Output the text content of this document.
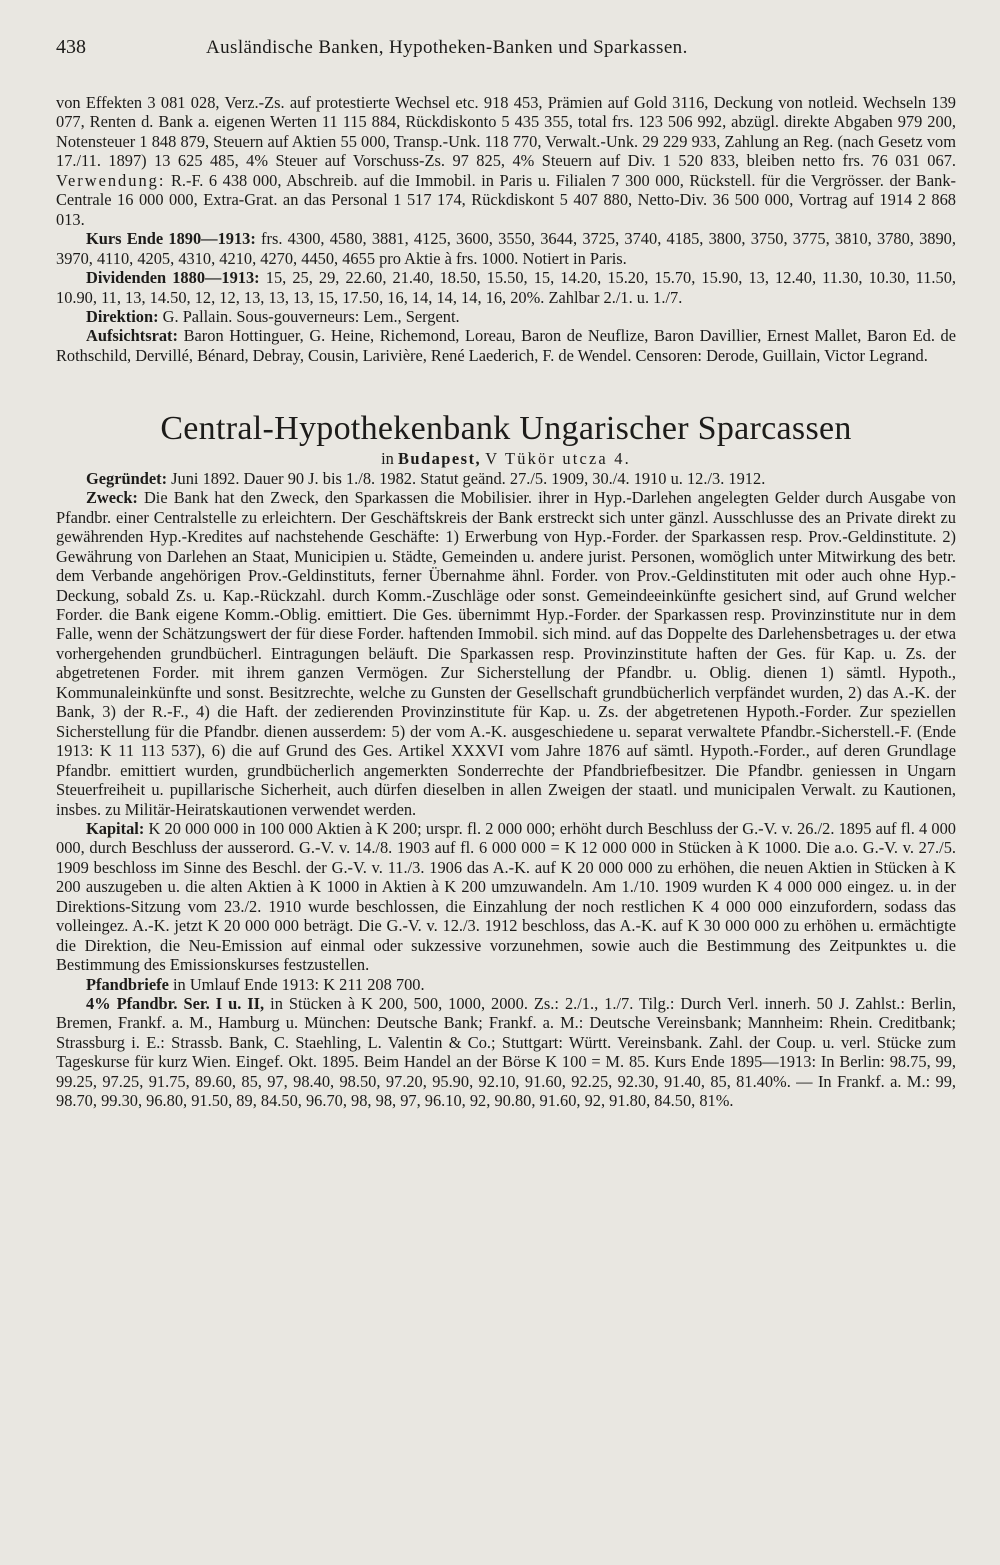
438	Ausländische Banken, Hypotheken-Banken und Sparkassen.

von Effekten 3 081 028, Verz.-Zs. auf protestierte Wechsel etc. 918 453, Prämien auf Gold 3116, Deckung von notleid. Wechseln 139 077, Renten d. Bank a. eigenen Werten 11 115 884, Rückdiskonto 5 435 355, total frs. 123 506 992, abzügl. direkte Abgaben 979 200, Notensteuer 1 848 879, Steuern auf Aktien 55 000, Transp.-Unk. 118 770, Verwalt.-Unk. 29 229 933, Zahlung an Reg. (nach Gesetz vom 17./11. 1897) 13 625 485, 4% Steuer auf Vorschuss-Zs. 97 825, 4% Steuern auf Div. 1 520 833, bleiben netto frs. 76 031 067. Verwendung: R.-F. 6 438 000, Abschreib. auf die Immobil. in Paris u. Filialen 7 300 000, Rückstell. für die Vergrösser. der Bank-Centrale 16 000 000, Extra-Grat. an das Personal 1 517 174, Rückdiskont 5 407 880, Netto-Div. 36 500 000, Vortrag auf 1914 2 868 013.

Kurs Ende 1890—1913: frs. 4300, 4580, 3881, 4125, 3600, 3550, 3644, 3725, 3740, 4185, 3800, 3750, 3775, 3810, 3780, 3890, 3970, 4110, 4205, 4310, 4210, 4270, 4450, 4655 pro Aktie à frs. 1000. Notiert in Paris.

Dividenden 1880—1913: 15, 25, 29, 22.60, 21.40, 18.50, 15.50, 15, 14.20, 15.20, 15.70, 15.90, 13, 12.40, 11.30, 10.30, 11.50, 10.90, 11, 13, 14.50, 12, 12, 13, 13, 13, 15, 17.50, 16, 14, 14, 14, 16, 20%. Zahlbar 2./1. u. 1./7.

Direktion: G. Pallain. Sous-gouverneurs: Lem., Sergent.

Aufsichtsrat: Baron Hottinguer, G. Heine, Richemond, Loreau, Baron de Neuflize, Baron Davillier, Ernest Mallet, Baron Ed. de Rothschild, Dervillé, Bénard, Debray, Cousin, Larivière, René Laederich, F. de Wendel. Censoren: Derode, Guillain, Victor Legrand.

Central-Hypothekenbank Ungarischer Sparcassen
in Budapest, V Tükör utcza 4.

Gegründet: Juni 1892. Dauer 90 J. bis 1./8. 1982. Statut geänd. 27./5. 1909, 30./4. 1910 u. 12./3. 1912.

Zweck: Die Bank hat den Zweck, den Sparkassen die Mobilisier. ihrer in Hyp.-Darlehen angelegten Gelder durch Ausgabe von Pfandbr. einer Centralstelle zu erleichtern. Der Geschäftskreis der Bank erstreckt sich unter gänzl. Ausschlusse des an Private direkt zu gewährenden Hyp.-Kredites auf nachstehende Geschäfte: 1) Erwerbung von Hyp.-Forder. der Sparkassen resp. Prov.-Geldinstitute. 2) Gewährung von Darlehen an Staat, Municipien u. Städte, Gemeinden u. andere jurist. Personen, womöglich unter Mitwirkung des betr. dem Verbande angehörigen Prov.-Geldinstituts, ferner Übernahme ähnl. Forder. von Prov.-Geldinstituten mit oder auch ohne Hyp.-Deckung, sobald Zs. u. Kap.-Rückzahl. durch Komm.-Zuschläge oder sonst. Gemeindeeinkünfte gesichert sind, auf Grund welcher Forder. die Bank eigene Komm.-Oblig. emittiert. Die Ges. übernimmt Hyp.-Forder. der Sparkassen resp. Provinzinstitute nur in dem Falle, wenn der Schätzungswert der für diese Forder. haftenden Immobil. sich mind. auf das Doppelte des Darlehensbetrages u. der etwa vorhergehenden grundbücherl. Eintragungen beläuft. Die Sparkassen resp. Provinzinstitute haften der Ges. für Kap. u. Zs. der abgetretenen Forder. mit ihrem ganzen Vermögen. Zur Sicherstellung der Pfandbr. u. Oblig. dienen 1) sämtl. Hypoth., Kommunaleinkünfte und sonst. Besitzrechte, welche zu Gunsten der Gesellschaft grundbücherlich verpfändet wurden, 2) das A.-K. der Bank, 3) der R.-F., 4) die Haft. der zedierenden Provinzinstitute für Kap. u. Zs. der abgetretenen Hypoth.-Forder. Zur speziellen Sicherstellung für die Pfandbr. dienen ausserdem: 5) der vom A.-K. ausgeschiedene u. separat verwaltete Pfandbr.-Sicherstell.-F. (Ende 1913: K 11 113 537), 6) die auf Grund des Ges. Artikel XXXVI vom Jahre 1876 auf sämtl. Hypoth.-Forder., auf deren Grundlage Pfandbr. emittiert wurden, grundbücherlich angemerkten Sonderrechte der Pfandbriefbesitzer. Die Pfandbr. geniessen in Ungarn Steuerfreiheit u. pupillarische Sicherheit, auch dürfen dieselben in allen Zweigen der staatl. und municipalen Verwalt. zu Kautionen, insbes. zu Militär-Heiratskautionen verwendet werden.

Kapital: K 20 000 000 in 100 000 Aktien à K 200; urspr. fl. 2 000 000; erhöht durch Beschluss der G.-V. v. 26./2. 1895 auf fl. 4 000 000, durch Beschluss der ausserord. G.-V. v. 14./8. 1903 auf fl. 6 000 000 = K 12 000 000 in Stücken à K 1000. Die a.o. G.-V. v. 27./5. 1909 beschloss im Sinne des Beschl. der G.-V. v. 11./3. 1906 das A.-K. auf K 20 000 000 zu erhöhen, die neuen Aktien in Stücken à K 200 auszugeben u. die alten Aktien à K 1000 in Aktien à K 200 umzuwandeln. Am 1./10. 1909 wurden K 4 000 000 eingez. u. in der Direktions-Sitzung vom 23./2. 1910 wurde beschlossen, die Einzahlung der noch restlichen K 4 000 000 einzufordern, sodass das volleingez. A.-K. jetzt K 20 000 000 beträgt. Die G.-V. v. 12./3. 1912 beschloss, das A.-K. auf K 30 000 000 zu erhöhen u. ermächtigte die Direktion, die Neu-Emission auf einmal oder sukzessive vorzunehmen, sowie auch die Bestimmung des Zeitpunktes u. die Bestimmung des Emissionskurses festzustellen.

Pfandbriefe in Umlauf Ende 1913: K 211 208 700.

4% Pfandbr. Ser. I u. II, in Stücken à K 200, 500, 1000, 2000. Zs.: 2./1., 1./7. Tilg.: Durch Verl. innerh. 50 J. Zahlst.: Berlin, Bremen, Frankf. a. M., Hamburg u. München: Deutsche Bank; Frankf. a. M.: Deutsche Vereinsbank; Mannheim: Rhein. Creditbank; Strassburg i. E.: Strassb. Bank, C. Staehling, L. Valentin & Co.; Stuttgart: Württ. Vereinsbank. Zahl. der Coup. u. verl. Stücke zum Tageskurse für kurz Wien. Eingef. Okt. 1895. Beim Handel an der Börse K 100 = M. 85. Kurs Ende 1895—1913: In Berlin: 98.75, 99, 99.25, 97.25, 91.75, 89.60, 85, 97, 98.40, 98.50, 97.20, 95.90, 92.10, 91.60, 92.25, 92.30, 91.40, 85, 81.40%. — In Frankf. a. M.: 99, 98.70, 99.30, 96.80, 91.50, 89, 84.50, 96.70, 98, 98, 97, 96.10, 92, 90.80, 91.60, 92, 91.80, 84.50, 81%.
